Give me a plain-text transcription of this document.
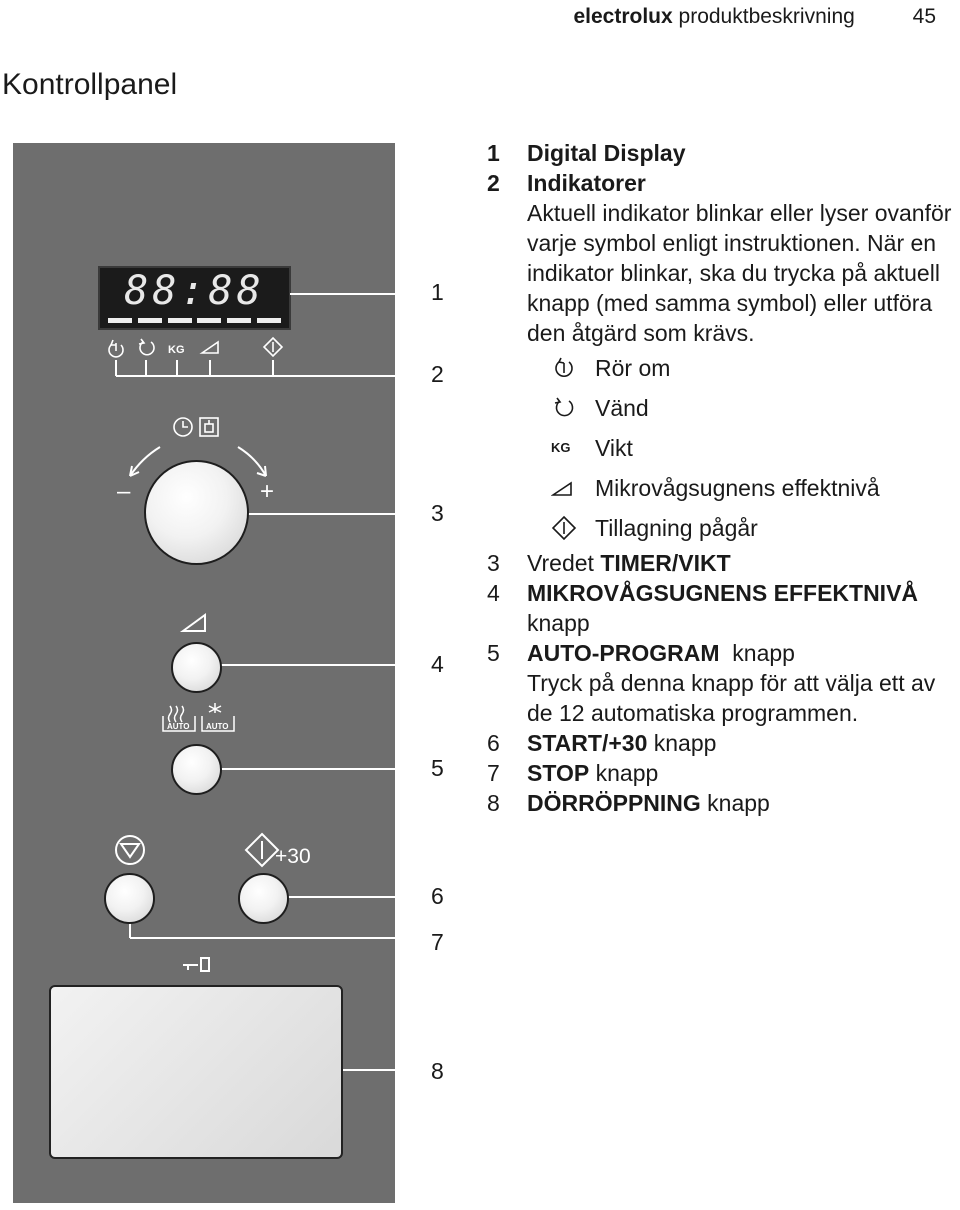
electrolux produktbeskrivning	45
Kontrollpanel
88:88
KG
–	+
AUTO AUTO
+30
1
2
3
4
5
6
7
8
1	Digital Display
2	Indikatorer
Aktuell indikator blinkar eller lyser ovanför varje symbol enligt instruktionen. När en indikator blinkar, ska du trycka på aktuell knapp (med samma symbol) eller utföra den åtgärd som krävs.
Rör om
Vänd
KG	Vikt
Mikrovågsugnens effektnivå
Tillagning pågår
3	Vredet TIMER/VIKT
4	MIKROVÅGSUGNENS EFFEKTNIVÅ knapp
5	AUTO-PROGRAM  knapp
Tryck på denna knapp för att välja ett av de 12 automatiska programmen.
6	START/+30 knapp
7	STOP knapp
8	DÖRRÖPPNING knapp
